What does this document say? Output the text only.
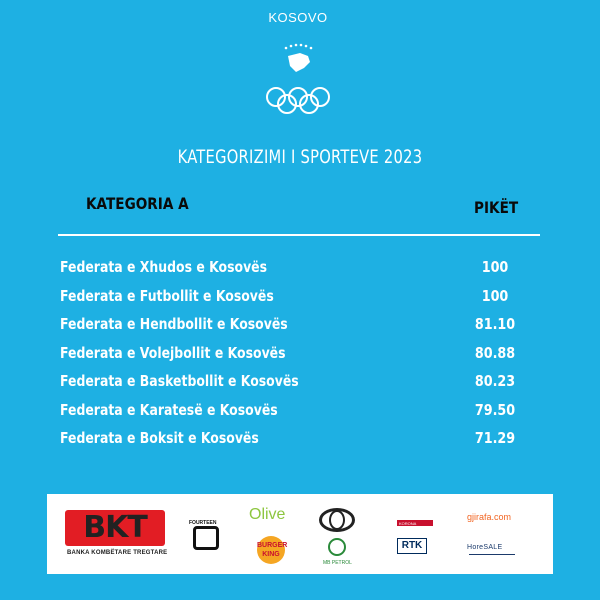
KOSOVO
KATEGORIZIMI I SPORTEVE 2023
KATEGORIA A	PIKËT
Federata e Xhudos e Kosovës	100
Federata e Futbollit e Kosovës	100
Federata e Hendbollit e Kosovës	81.10
Federata e Volejbollit e Kosovës	80.88
Federata e Basketbollit e Kosovës	80.23
Federata e Karatesë e Kosovës	79.50
Federata e Boksit e Kosovës	71.29
BKT
BANKA KOMBËTARE TREGTARE
FOURTEEN Olive
BURGER KING
MB PETROL
KORONA
RTK
gjirafa.com
HoreSALE
